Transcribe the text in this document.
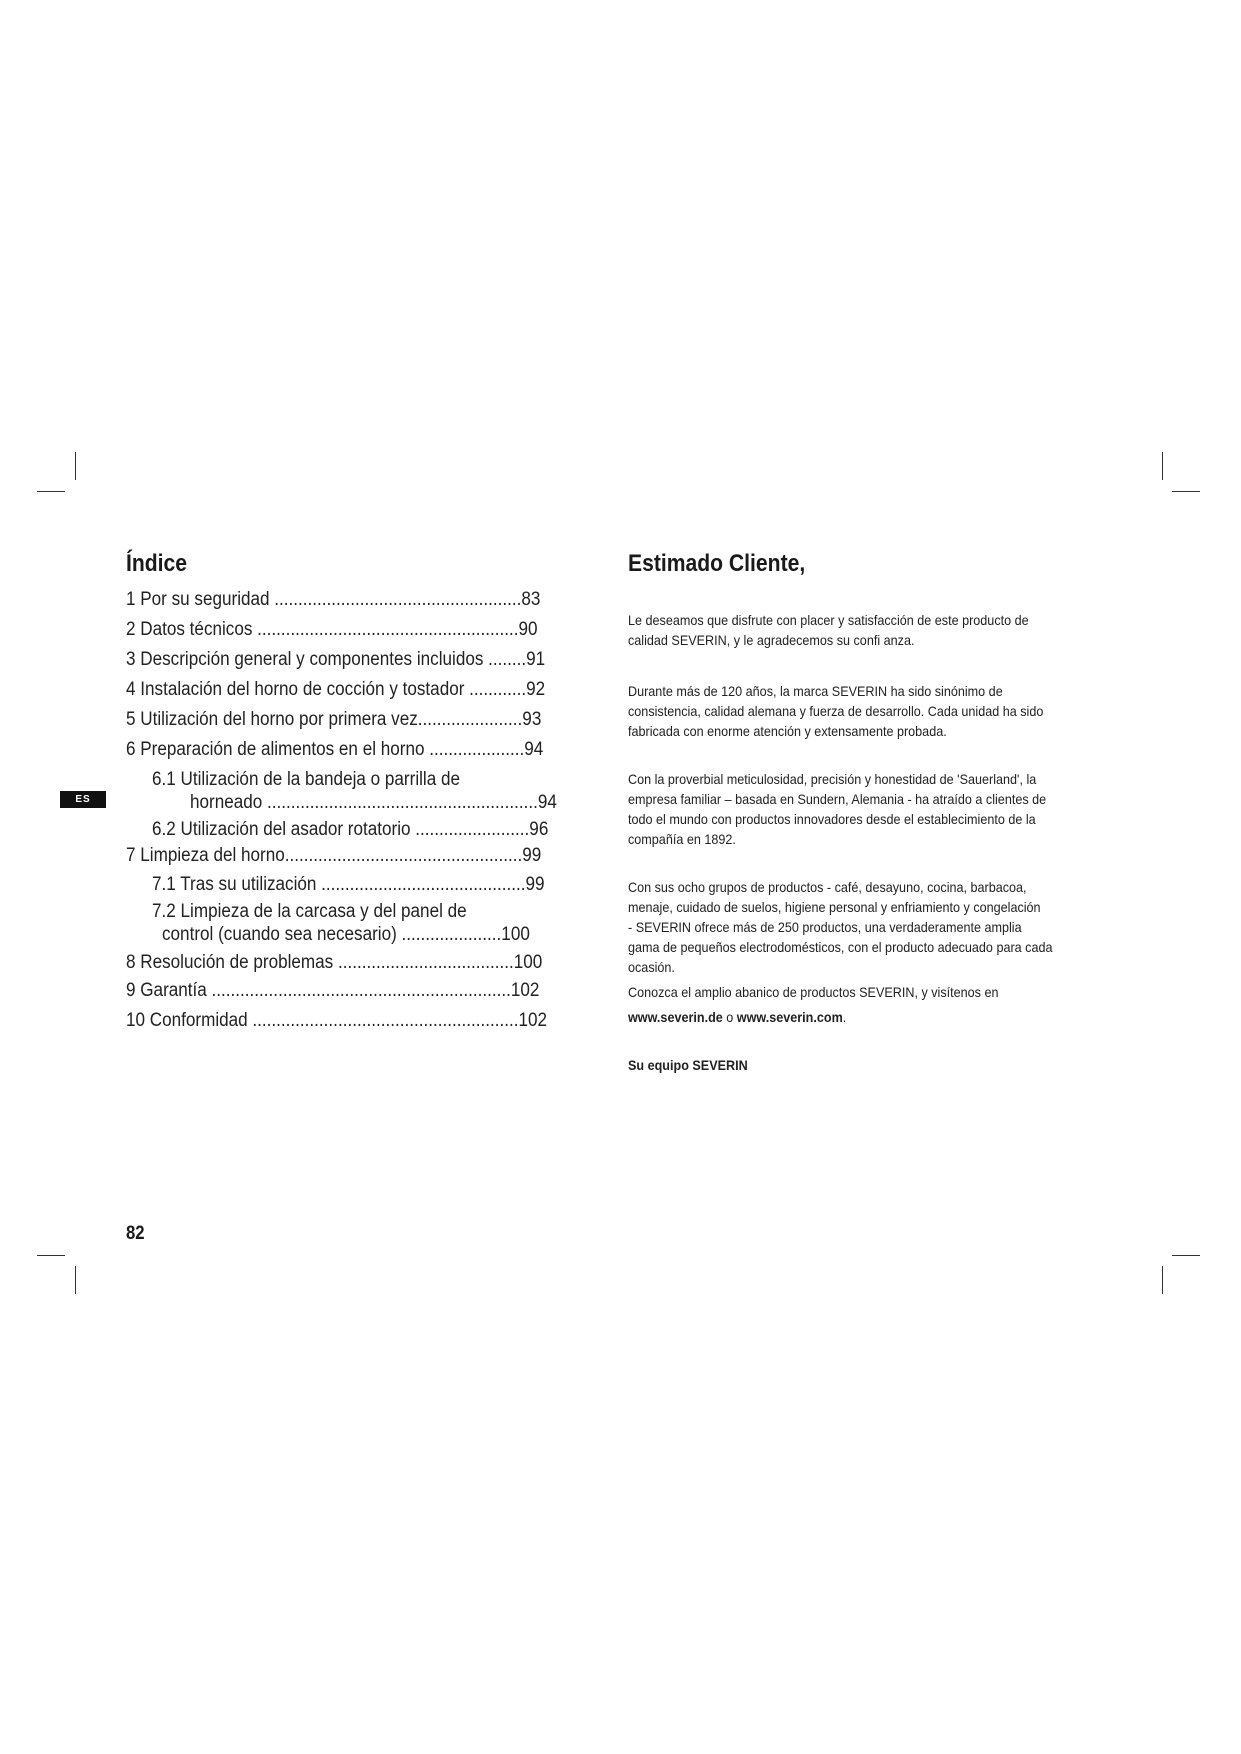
ES
Índice
1 Por su seguridad ....................................................83
2 Datos técnicos .......................................................90
3 Descripción general y componentes incluidos ........91
4 Instalación del horno de cocción y tostador ............92
5 Utilización del horno por primera vez......................93
6 Preparación de alimentos en el horno ....................94
6.1 Utilización de la bandeja o parrilla de
horneado .........................................................94
6.2 Utilización del asador rotatorio ........................96
7 Limpieza del horno..................................................99
7.1 Tras su utilización ...........................................99
7.2 Limpieza de la carcasa y del panel de
control (cuando sea necesario) .....................100
8 Resolución de problemas .....................................100
9 Garantía ...............................................................102
10 Conformidad ........................................................102
Estimado Cliente,
Le deseamos que disfrute con placer y satisfacción de este producto de
calidad SEVERIN, y le agradecemos su confi anza.
Durante más de 120 años, la marca SEVERIN ha sido sinónimo de
consistencia, calidad alemana y fuerza de desarrollo. Cada unidad ha sido
fabricada con enorme atención y extensamente probada.
Con la proverbial meticulosidad, precisión y honestidad de 'Sauerland', la
empresa familiar – basada en Sundern, Alemania - ha atraído a clientes de
todo el mundo con productos innovadores desde el establecimiento de la
compañía en 1892.
Con sus ocho grupos de productos - café, desayuno, cocina, barbacoa,
menaje, cuidado de suelos, higiene personal y enfriamiento y congelación
- SEVERIN ofrece más de 250 productos, una verdaderamente amplia
gama de pequeños electrodomésticos, con el producto adecuado para cada
ocasión.
Conozca el amplio abanico de productos SEVERIN, y visítenos en
www.severin.de o www.severin.com.
Su equipo SEVERIN
82
